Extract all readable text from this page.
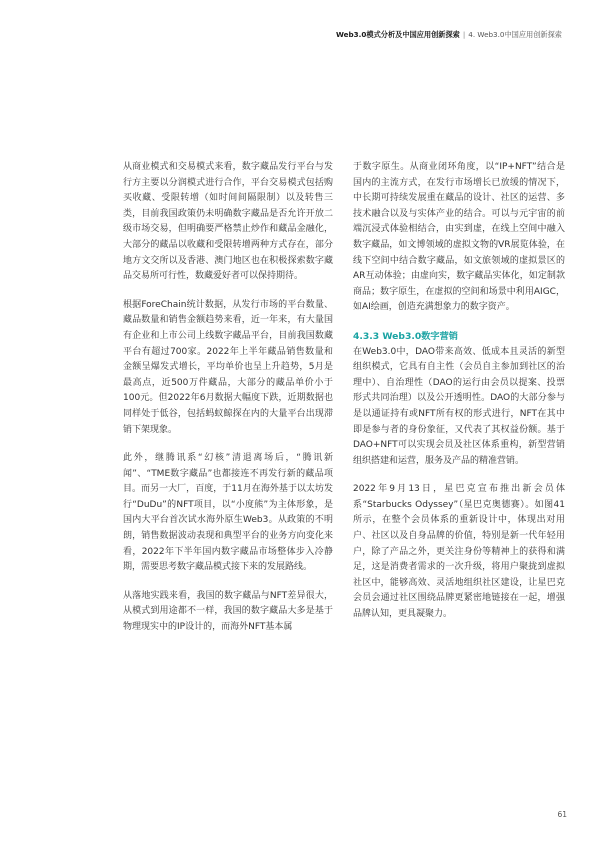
Web3.0模式分析及中国应用创新探索 | 4. Web3.0中国应用创新探索

从商业模式和交易模式来看，数字藏品发行平台与发行方主要以分润模式进行合作，平台交易模式包括购买收藏、受限转增（如时间间隔限制）以及转售三类，目前我国政策仍未明确数字藏品是否允许开放二级市场交易，但明确要严格禁止炒作和藏品金融化，大部分的藏品以收藏和受限转增两种方式存在，部分地方文交所以及香港、澳门地区也在积极探索数字藏品交易所可行性，数藏爱好者可以保持期待。

根据ForeChain统计数据，从发行市场的平台数量、藏品数量和销售金额趋势来看，近一年来，有大量国有企业和上市公司上线数字藏品平台，目前我国数藏平台有超过700家。2022年上半年藏品销售数量和金额呈爆发式增长，平均单价也呈上升趋势，5月是最高点，近500万件藏品，大部分的藏品单价小于100元。但2022年6月数据大幅度下跌，近期数据也同样处于低谷，包括蚂蚁鲸探在内的大量平台出现滞销下架现象。

此外，继腾讯系“幻核”清退离场后，“腾讯新闻”、“TME数字藏品”也都接连不再发行新的藏品项目。而另一大厂，百度，于11月在海外基于以太坊发行“DuDu”的NFT项目，以“小度熊”为主体形象，是国内大平台首次试水海外原生Web3。从政策的不明朗，销售数据波动表现和典型平台的业务方向变化来看，2022年下半年国内数字藏品市场整体步入冷静期，需要思考数字藏品模式接下来的发展路线。

从落地实践来看，我国的数字藏品与NFT差异很大，从模式到用途都不一样，我国的数字藏品大多是基于物理现实中的IP设计的，而海外NFT基本属

于数字原生。从商业闭环角度，以“IP+NFT”结合是国内的主流方式，在发行市场增长已放缓的情况下，中长期可持续发展重在藏品的设计、社区的运营、多技术融合以及与实体产业的结合。可以与元宇宙的前端沉浸式体验相结合，由实到虚，在线上空间中融入数字藏品，如文博领域的虚拟文物的VR展览体验，在线下空间中结合数字藏品，如文旅领域的虚拟景区的AR互动体验；由虚向实，数字藏品实体化，如定制款商品；数字原生，在虚拟的空间和场景中利用AIGC，如AI绘画，创造充满想象力的数字资产。

4.3.3 Web3.0数字营销

在Web3.0中，DAO带来高效、低成本且灵活的新型组织模式，它具有自主性（会员自主参加到社区的治理中）、自治理性（DAO的运行由会员以提案、投票形式共同治理）以及公开透明性。DAO的大部分参与是以通证持有或NFT所有权的形式进行，NFT在其中即是参与者的身份象征，又代表了其权益份额。基于DAO+NFT可以实现会员及社区体系重构，新型营销组织搭建和运营，服务及产品的精准营销。

2022年9月13日，星巴克宣布推出新会员体系“Starbucks Odyssey”（星巴克奥德赛）。如图41所示，在整个会员体系的重新设计中，体现出对用户、社区以及自身品牌的价值，特别是新一代年轻用户，除了产品之外，更关注身份等精神上的获得和满足，这是消费者需求的一次升级，将用户聚拢到虚拟社区中，能够高效、灵活地组织社区建设，让星巴克会员会通过社区围绕品牌更紧密地链接在一起，增强品牌认知，更具凝聚力。

61
